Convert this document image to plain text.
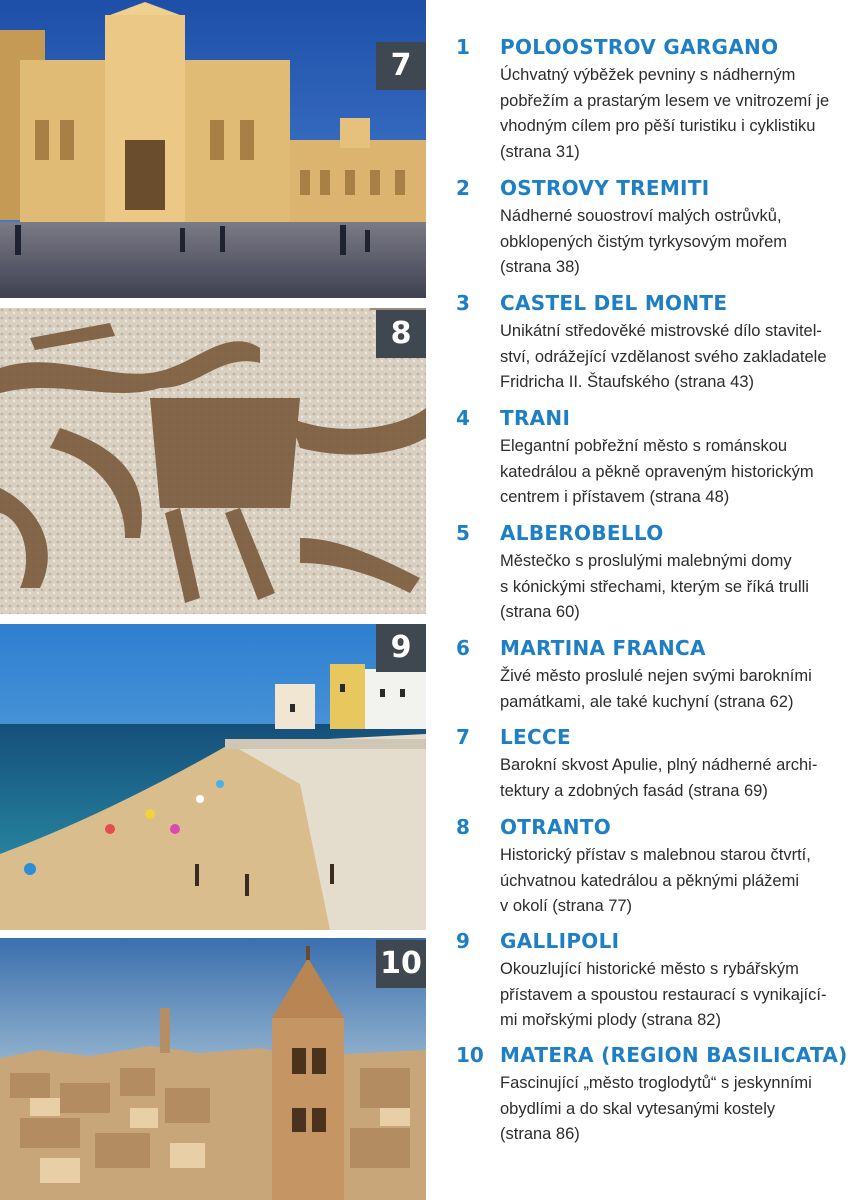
7
8
9
10
1	POLOOSTROV GARGANO
Úchvatný výběžek pevniny s nádherným
pobřežím a prastarým lesem ve vnitrozemí je
vhodným cílem pro pěší turistiku i cyklistiku
(strana 31)
2	OSTROVY TREMITI
Nádherné souostroví malých ostrůvků,
obklopených čistým tyrkysovým mořem
(strana 38)
3	CASTEL DEL MONTE
Unikátní středověké mistrovské dílo stavitel-
ství, odrážející vzdělanost svého zakladatele
Fridricha II. Štaufského (strana 43)
4	TRANI
Elegantní pobřežní město s románskou
katedrálou a pěkně opraveným historickým
centrem i přístavem (strana 48)
5	ALBEROBELLO
Městečko s proslulými malebnými domy
s kónickými střechami, kterým se říká trulli
(strana 60)
6	MARTINA FRANCA
Živé město proslulé nejen svými barokními
památkami, ale také kuchyní (strana 62)
7	LECCE
Barokní skvost Apulie, plný nádherné archi-
tektury a zdobných fasád (strana 69)
8	OTRANTO
Historický přístav s malebnou starou čtvrtí,
úchvatnou katedrálou a pěknými plážemi
v okolí (strana 77)
9	GALLIPOLI
Okouzlující historické město s rybářským
přístavem a spoustou restaurací s vynikající-
mi mořskými plody (strana 82)
10 MATERA (REGION BASILICATA)
Fascinující „město troglodytů“ s jeskynními
obydlími a do skal vytesanými kostely
(strana 86)
